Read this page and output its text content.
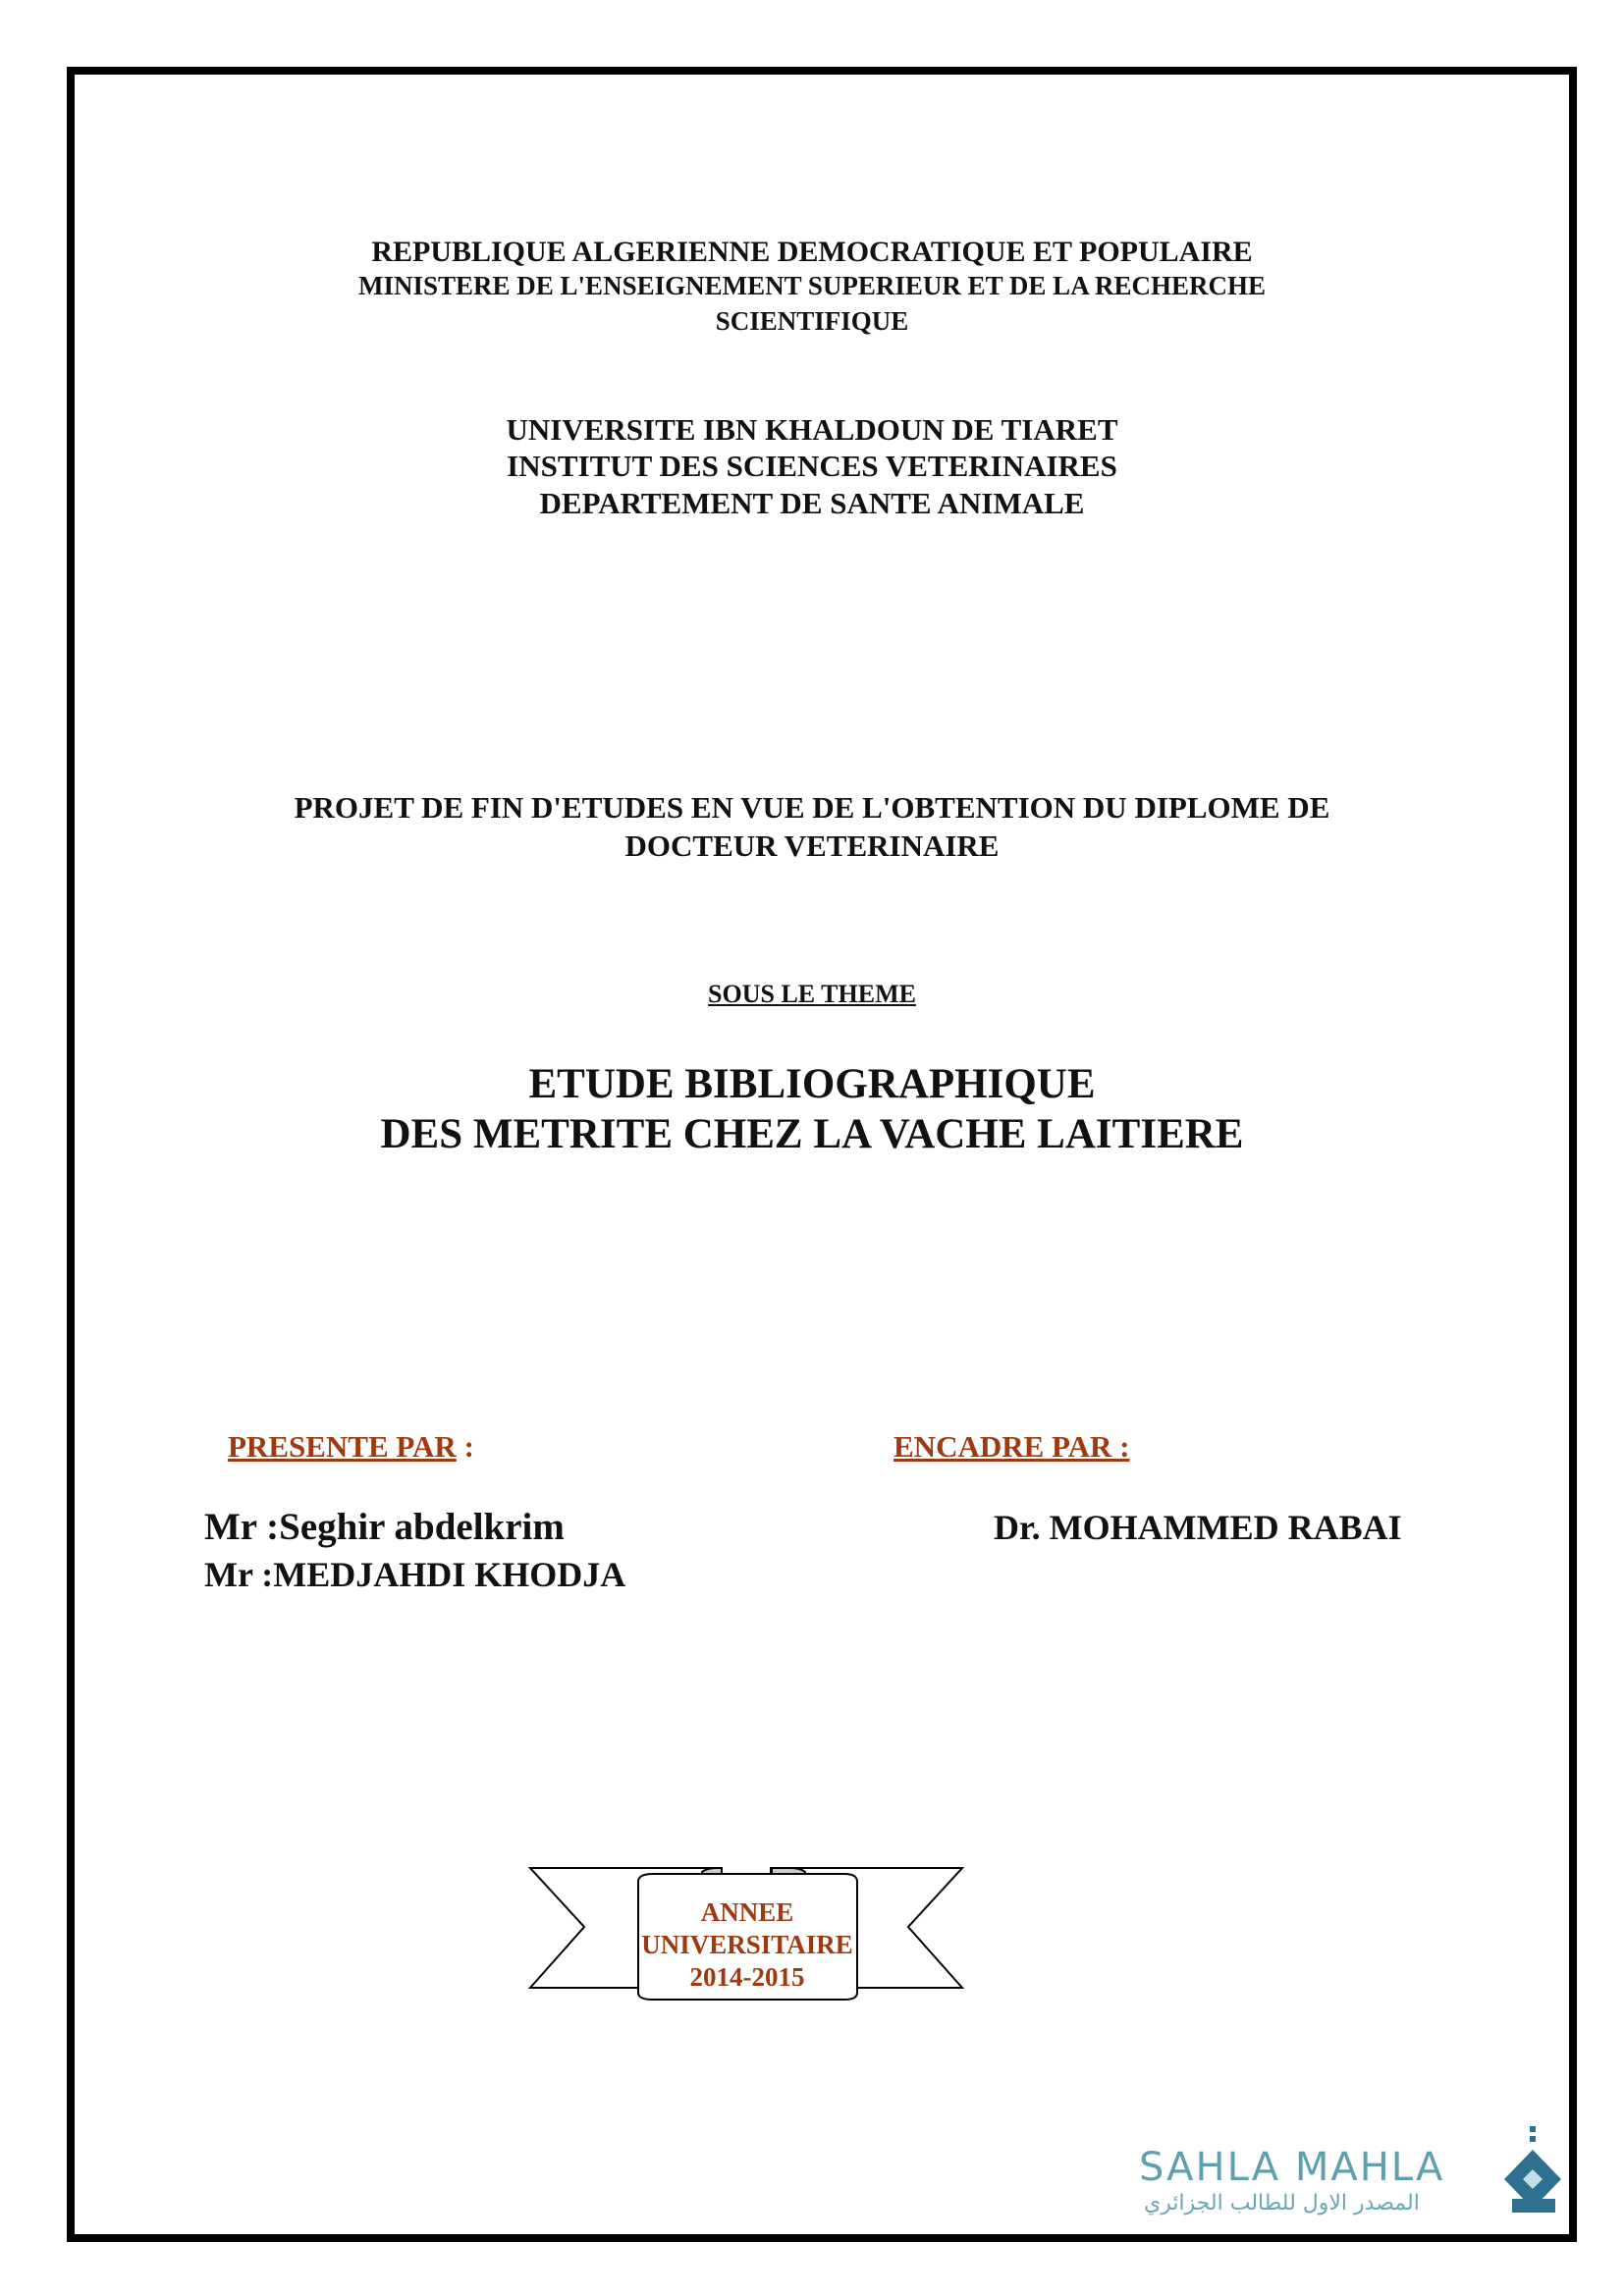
REPUBLIQUE ALGERIENNE DEMOCRATIQUE ET POPULAIRE
MINISTERE DE L'ENSEIGNEMENT SUPERIEUR ET DE LA RECHERCHE
SCIENTIFIQUE
UNIVERSITE IBN KHALDOUN DE TIARET
INSTITUT DES SCIENCES VETERINAIRES
DEPARTEMENT DE SANTE ANIMALE
PROJET DE FIN D'ETUDES EN VUE DE L'OBTENTION DU DIPLOME DE
DOCTEUR VETERINAIRE
SOUS LE THEME
ETUDE BIBLIOGRAPHIQUE
DES METRITE CHEZ LA VACHE LAITIERE
PRESENTE PAR :	ENCADRE PAR :
Mr :Seghir abdelkrim
Mr :MEDJAHDI KHODJA
Dr. MOHAMMED RABAI
ANNEE
UNIVERSITAIRE
2014-2015
SAHLA MAHLA
المصدر الاول للطالب الجزائري
